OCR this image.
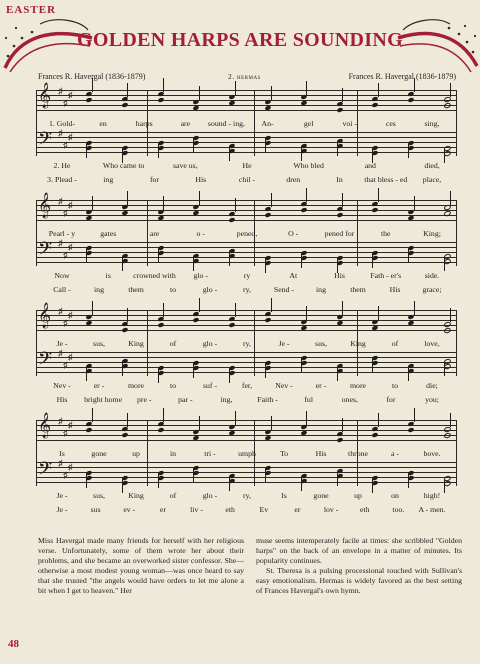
EASTER
GOLDEN HARPS ARE SOUNDING
Frances R. Havergal (1836-1879)	2. hermas	Frances R. Havergal (1836-1879)
𝄞 ♯
♯
♯
𝄢 ♯
♯
♯
1. Gold-	en	harps	are sound - ing, An-	gel	voi -	ces	sing,
2. He	Who came to	save us,	He	Who bled	and	died,
3. Plead -	ing	for	His	chil -	dren	In	that bless - ed place,
𝄞 ♯
♯
♯
𝄢 ♯
♯
♯
Pearl - y	gates	are	o -	pened,	O -	pened for	the	King;
Now	is	crowned with glo -	ry	At	His	Fath - er's	side.
Call -	ing	them	to	glo -	ry,	Send -	ing	them	His	grace;
𝄞 ♯
♯
♯
𝄢 ♯
♯
♯
Je -	sus,	King	of	glo -	ry,	Je -	sus,	King	of	love,
Nev -	er -	more	to	suf -	fer,	Nev -	er -	more	to	die;
His bright home pre -	par -	ing,	Faith -	ful	ones,	for	you;
𝄞 ♯
♯
♯
𝄢 ♯
♯
♯
Is	gone	up	in	tri -	umph	To	His	throne	a -	bove.
Je -	sus,	King	of	glo -	ry,	Is	gone	up	on	high!
Je -	sus	ev -	er	liv -	eth	Ev	er	lov -	eth	too. A - men.
Miss Havergal made many friends for herself with her religious verse. Unfortunately, some of them wrote her about their problems, and she became an overworked sister confessor. She—otherwise a most modest young woman—was once heard to say that she trusted "the angels would have orders to let me alone a bit when I get to heaven." Her
muse seems intemperately facile at times: she scribbled "Golden harps" on the back of an envelope in a matter of minutes. Its popularity continues.
St. Theresa is a pulsing processional touched with Sullivan's easy emotionalism. Hermas is widely favored as the best setting of Frances Havergal's own hymn.
48
